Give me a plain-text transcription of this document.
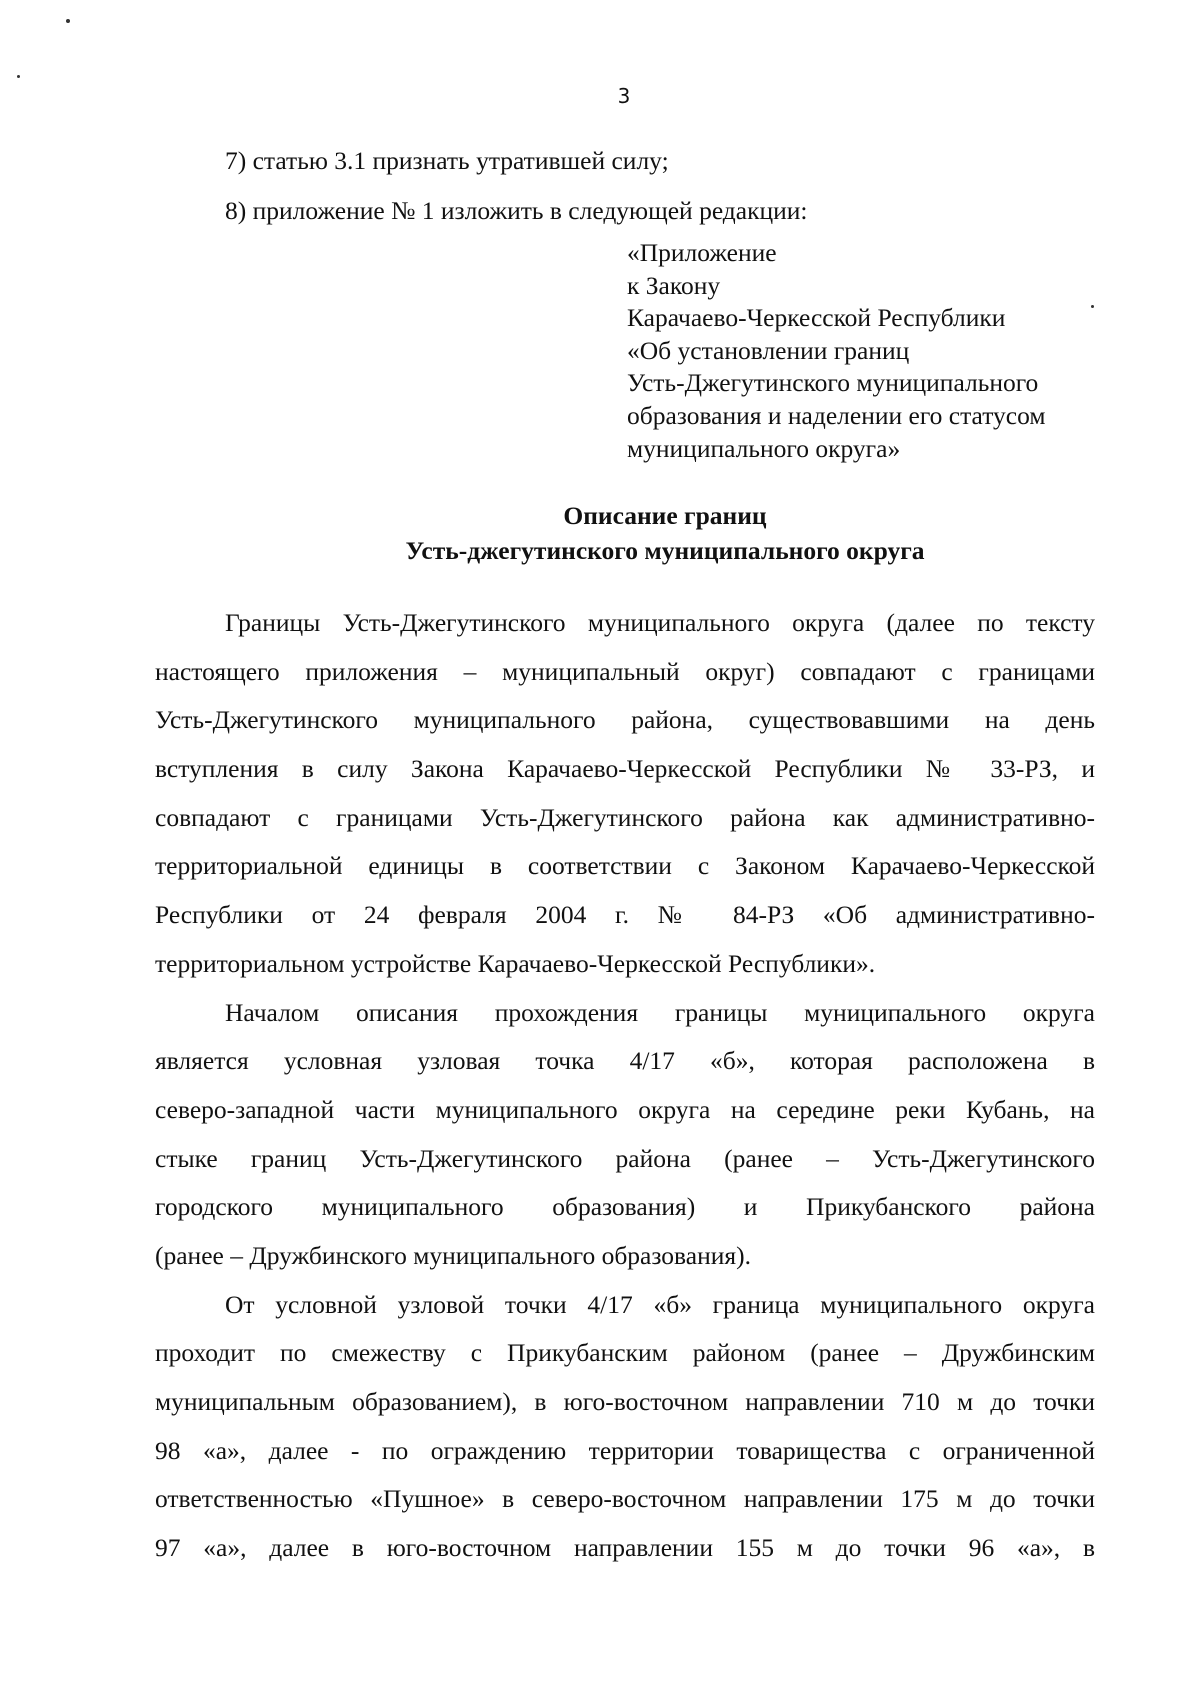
3
7) статью 3.1 признать утратившей силу;
8) приложение № 1 изложить в следующей редакции:
«Приложение
к Закону
Карачаево-Черкесской Республики
«Об установлении границ
Усть-Джегутинского муниципального
образования и наделении его статусом
муниципального округа»
Описание границ
Усть-джегутинского муниципального округа
Границы Усть-Джегутинского муниципального округа (далее по тексту
настоящего приложения – муниципальный округ) совпадают с границами
Усть-Джегутинского муниципального района, существовавшими на день
вступления в силу Закона Карачаево-Черкесской Республики № 33-РЗ, и
совпадают с границами Усть-Джегутинского района как административно-
территориальной единицы в соответствии с Законом Карачаево-Черкесской
Республики от 24 февраля 2004 г. № 84-РЗ «Об административно-
территориальном устройстве Карачаево-Черкесской Республики».
Началом описания прохождения границы муниципального округа
является условная узловая точка 4/17 «б», которая расположена в
северо-западной части муниципального округа на середине реки Кубань, на
стыке границ Усть-Джегутинского района (ранее – Усть-Джегутинского
городского муниципального образования) и Прикубанского района
(ранее – Дружбинского муниципального образования).
От условной узловой точки 4/17 «б» граница муниципального округа
проходит по смежеству с Прикубанским районом (ранее – Дружбинским
муниципальным образованием), в юго-восточном направлении 710 м до точки
98 «а», далее - по ограждению территории товарищества с ограниченной
ответственностью «Пушное» в северо-восточном направлении 175 м до точки
97 «а», далее в юго-восточном направлении 155 м до точки 96 «а», в
